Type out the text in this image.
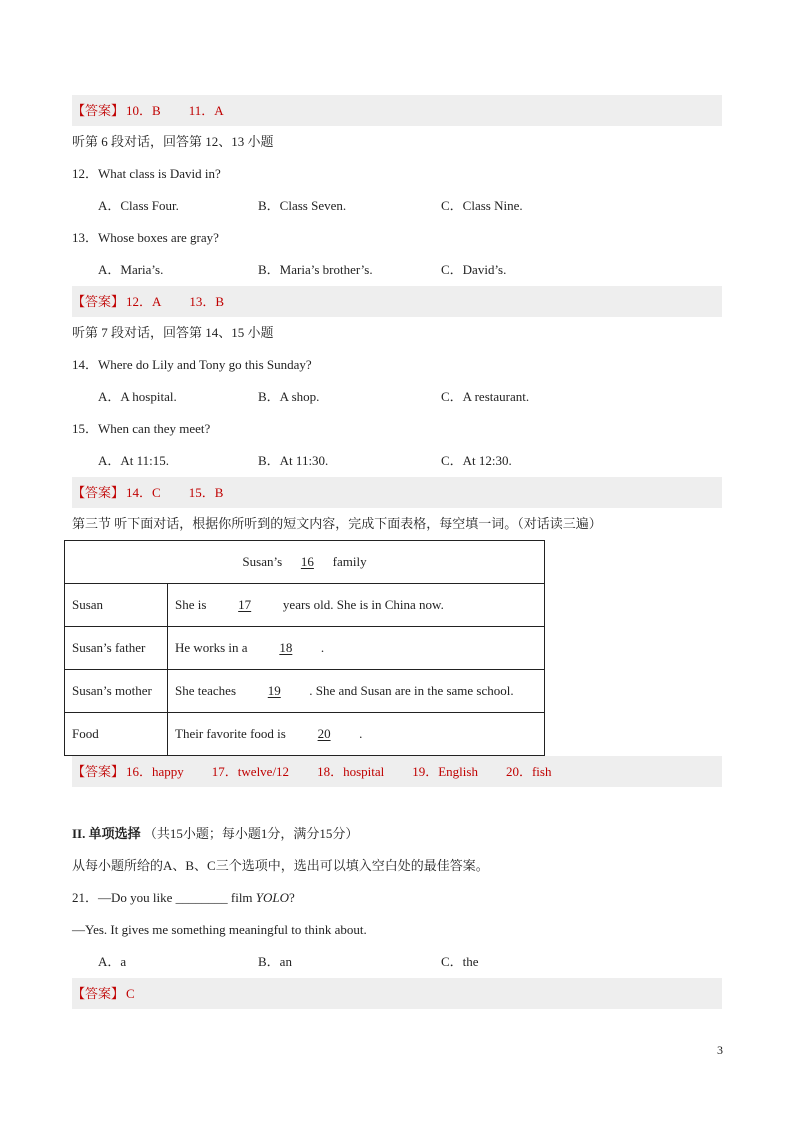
【答案】 10．B 11．A
听第 6 段对话，回答第 12、13 小题
12．What class is David in?
A．Class Four.	B．Class Seven.	C．Class Nine.
13．Whose boxes are gray?
A．Maria’s.	B．Maria’s brother’s.	C．David’s.
【答案】 12．A 13．B
听第 7 段对话，回答第 14、15 小题
14．Where do Lily and Tony go this Sunday?
A．A hospital.	B．A shop.	C．A restaurant.
15．When can they meet?
A．At 11:15.	B．At 11:30.	C．At 12:30.
【答案】 14．C 15．B
第三节 听下面对话，根据你所听到的短文内容，完成下面表格，每空填一词。（对话读三遍）
Susan’s 16 family	
Susan	She is 17 years old. She is in China now.
Susan’s father	He works in a 18 .
Susan’s mother	She teaches 19 . She and Susan are in the same school.
Food	Their favorite food is 20 .
【答案】 16．happy 17．twelve/12 18．hospital 19．English 20．fish
II. 单项选择 （共15小题；每小题1分，满分15分）
从每小题所给的A、B、C三个选项中，选出可以填入空白处的最佳答案。
21．—Do you like ________ film YOLO?
—Yes. It gives me something meaningful to think about.
A．a	B．an	C．the
【答案】 C
3
